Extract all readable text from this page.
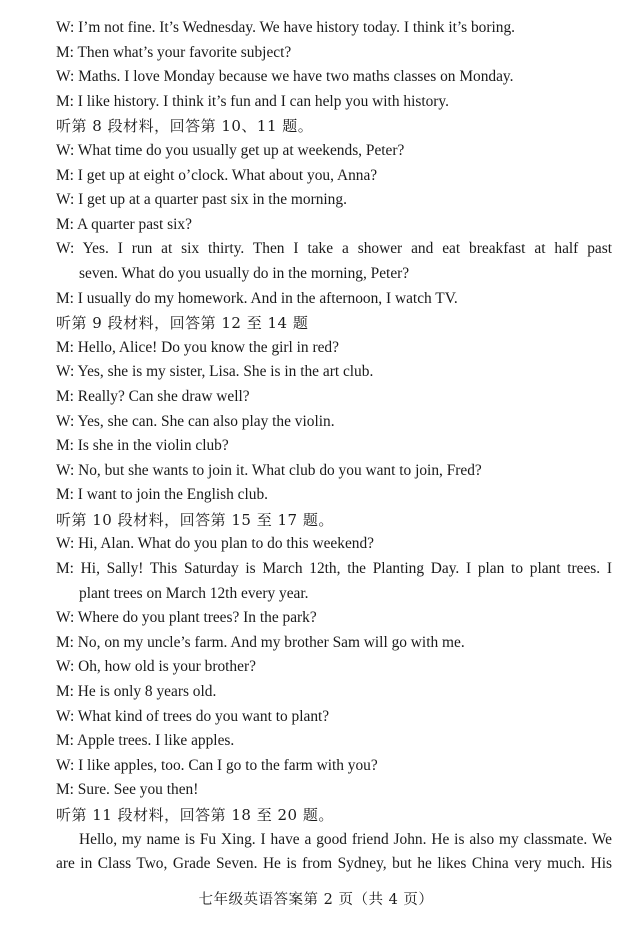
W: I’m not fine. It’s Wednesday. We have history today. I think it’s boring.
M: Then what’s your favorite subject?
W: Maths. I love Monday because we have two maths classes on Monday.
M: I like history. I think it’s fun and I can help you with history.
听第 8 段材料，回答第 10、11 题。
W: What time do you usually get up at weekends, Peter?
M: I get up at eight o’clock. What about you, Anna?
W: I get up at a quarter past six in the morning.
M: A quarter past six?
W: Yes. I run at six thirty. Then I take a shower and eat breakfast at half past
seven. What do you usually do in the morning, Peter?
M: I usually do my homework. And in the afternoon, I watch TV.
听第 9 段材料，回答第 12 至 14 题
M: Hello, Alice! Do you know the girl in red?
W: Yes, she is my sister, Lisa. She is in the art club.
M: Really? Can she draw well?
W: Yes, she can. She can also play the violin.
M: Is she in the violin club?
W: No, but she wants to join it. What club do you want to join, Fred?
M: I want to join the English club.
听第 10 段材料，回答第 15 至 17 题。
W: Hi, Alan. What do you plan to do this weekend?
M: Hi, Sally! This Saturday is March 12th, the Planting Day. I plan to plant trees. I
plant trees on March 12th every year.
W: Where do you plant trees? In the park?
M: No, on my uncle’s farm. And my brother Sam will go with me.
W: Oh, how old is your brother?
M: He is only 8 years old.
W: What kind of trees do you want to plant?
M: Apple trees. I like apples.
W: I like apples, too. Can I go to the farm with you?
M: Sure. See you then!
听第 11 段材料，回答第 18 至 20 题。
Hello, my name is Fu Xing. I have a good friend John. He is also my classmate. We
are in Class Two, Grade Seven. He is from Sydney, but he likes China very much. His
七年级英语答案第 2 页（共 4 页）
